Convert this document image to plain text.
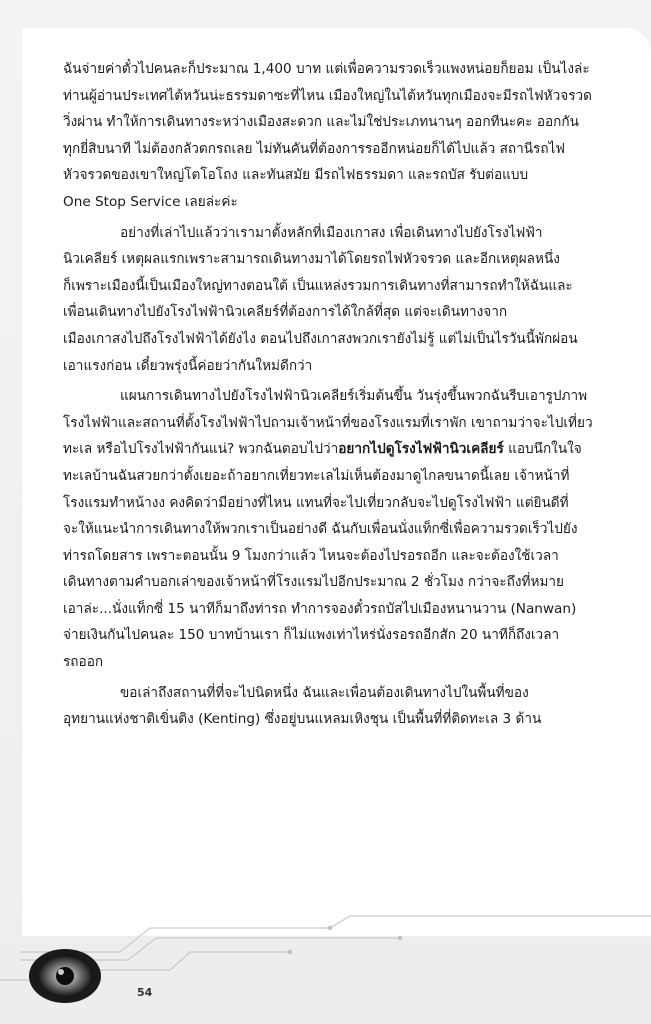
ฉันจ่ายค่าตั๋วไปคนละก็ประมาณ 1,400 บาท แต่เพื่อความรวดเร็วแพงหน่อยก็ยอม เป็นไงล่ะ
ท่านผู้อ่านประเทศไต้หวันน่ะธรรมดาซะที่ไหน เมืองใหญ่ในไต้หวันทุกเมืองจะมีรถไฟหัวจรวด
วิ่งผ่าน ทำให้การเดินทางระหว่างเมืองสะดวก และไม่ใช่ประเภทนานๆ ออกทีนะคะ ออกกัน
ทุกยี่สิบนาที ไม่ต้องกลัวตกรถเลย ไม่ทันคันที่ต้องการรออีกหน่อยก็ได้ไปแล้ว สถานีรถไฟ
หัวจรวดของเขาใหญ่โตโอโถง และทันสมัย มีรถไฟธรรมดา และรถบัส รับต่อแบบ
One Stop Service เลยล่ะค่ะ

อย่างที่เล่าไปแล้วว่าเรามาตั้งหลักที่เมืองเกาสง เพื่อเดินทางไปยังโรงไฟฟ้า
นิวเคลียร์ เหตุผลแรกเพราะสามารถเดินทางมาได้โดยรถไฟหัวจรวด และอีกเหตุผลหนึ่ง
ก็เพราะเมืองนี้เป็นเมืองใหญ่ทางตอนใต้ เป็นแหล่งรวมการเดินทางที่สามารถทำให้ฉันและ
เพื่อนเดินทางไปยังโรงไฟฟ้านิวเคลียร์ที่ต้องการได้ใกล้ที่สุด แต่จะเดินทางจาก
เมืองเกาสงไปถึงโรงไฟฟ้าได้ยังไง ตอนไปถึงเกาสงพวกเรายังไม่รู้ แต่ไม่เป็นไรวันนี้พักผ่อน
เอาแรงก่อน เดี๋ยวพรุ่งนี้ค่อยว่ากันใหม่ดีกว่า

แผนการเดินทางไปยังโรงไฟฟ้านิวเคลียร์เริ่มต้นขึ้น วันรุ่งขึ้นพวกฉันรีบเอารูปภาพ
โรงไฟฟ้าและสถานที่ตั้งโรงไฟฟ้าไปถามเจ้าหน้าที่ของโรงแรมที่เราพัก เขาถามว่าจะไปเที่ยว
ทะเล หรือไปโรงไฟฟ้ากันแน่? พวกฉันตอบไปว่าอยากไปดูโรงไฟฟ้านิวเคลียร์ แอบนึกในใจ
ทะเลบ้านฉันสวยกว่าตั้งเยอะถ้าอยากเที่ยวทะเลไม่เห็นต้องมาดูไกลขนาดนี้เลย เจ้าหน้าที่
โรงแรมทำหน้างง คงคิดว่ามีอย่างที่ไหน แทนที่จะไปเที่ยวกลับจะไปดูโรงไฟฟ้า แต่ยินดีที่
จะให้แนะนำการเดินทางให้พวกเราเป็นอย่างดี ฉันกับเพื่อนนั่งแท็กซี่เพื่อความรวดเร็วไปยัง
ท่ารถโดยสาร เพราะตอนนั้น 9 โมงกว่าแล้ว ไหนจะต้องไปรอรถอีก และจะต้องใช้เวลา
เดินทางตามคำบอกเล่าของเจ้าหน้าที่โรงแรมไปอีกประมาณ 2 ชั่วโมง กว่าจะถึงที่หมาย
เอาล่ะ...นั่งแท็กซี่ 15 นาทีก็มาถึงท่ารถ ทำการจองตั๋วรถบัสไปเมืองหนานวาน (Nanwan)
จ่ายเงินกันไปคนละ 150 บาทบ้านเรา ก็ไม่แพงเท่าไหร่นั่งรอรถอีกสัก 20 นาทีก็ถึงเวลา
รถออก

ขอเล่าถึงสถานที่ที่จะไปนิดหนึ่ง ฉันและเพื่อนต้องเดินทางไปในพื้นที่ของ
อุทยานแห่งชาติเขิ่นติง (Kenting) ซึ่งอยู่บนแหลมเหิงชุน เป็นพื้นที่ที่ติดทะเล 3 ด้าน

54
